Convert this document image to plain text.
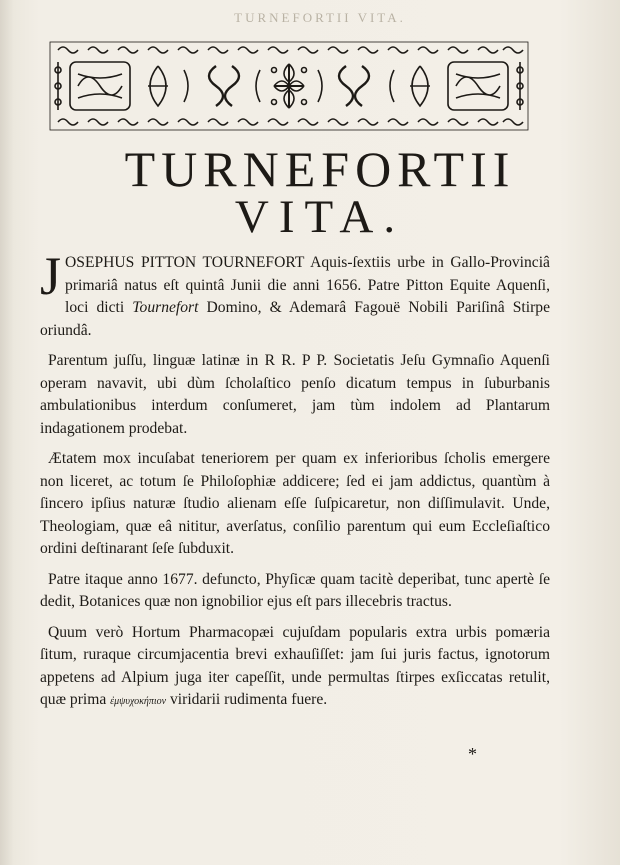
TURNEFORTII VITA.
TURNEFORTII
VITA.

JOSEPHUS PITTON TOURNEFORT Aquis-ſextiis urbe in Gallo-Provinciâ primariâ natus eſt quintâ Junii die anni 1656. Patre Pitton Equite Aquenſi, loci dicti Tournefort Domino, & Ademarâ Fagouë Nobili Pariſinâ Stirpe oriundâ.

Parentum juſſu, linguæ latinæ in R R. P P. Societatis Jeſu Gymnaſio Aquenſi operam navavit, ubi dùm ſcholaſtico penſo dicatum tempus in ſuburbanis ambulationibus interdum conſumeret, jam tùm indolem ad Plantarum indagationem prodebat.

Ætatem mox incuſabat teneriorem per quam ex inferioribus ſcholis emergere non liceret, ac totum ſe Philoſophiæ addicere; ſed ei jam addictus, quantùm à ſincero ipſius naturæ ſtudio alienam eſſe ſuſpicaretur, non diſſimulavit. Unde, Theologiam, quæ eâ nititur, averſatus, conſilio parentum qui eum Eccleſiaſtico ordini deſtinarant ſeſe ſubduxit.

Patre itaque anno 1677. defuncto, Phyſicæ quam tacitè deperibat, tunc apertè ſe dedit, Botanices quæ non ignobilior ejus eſt pars illecebris tractus.

Quum verò Hortum Pharmacopæi cujuſdam popularis extra urbis pomæria ſitum, ruraque circumjacentia brevi exhauſiſſet: jam ſui juris factus, ignotorum appetens ad Alpium juga iter capeſſit, unde permultas ſtirpes exſiccatas retulit, quæ prima ἐμψυχοκήπιον viridarii rudimenta fuere.

*
